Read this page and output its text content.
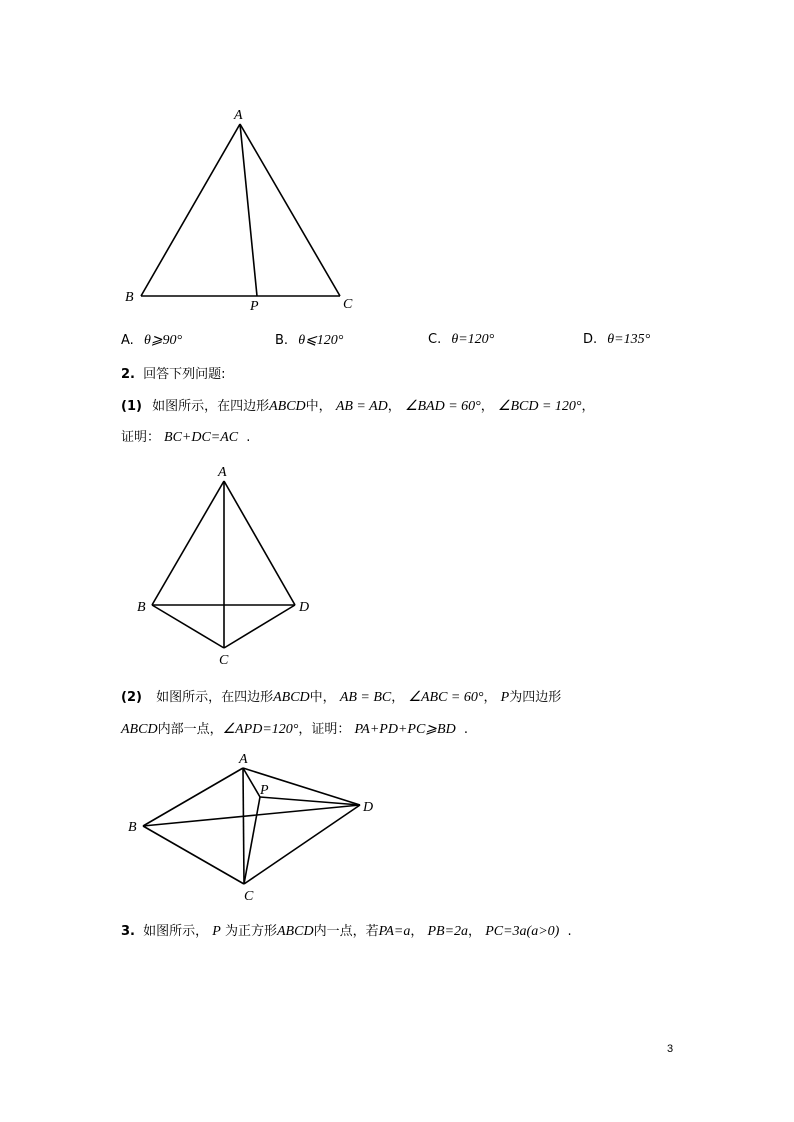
A
B
P	C
A
B	D
C
A
P
D
B
C
A. θ⩾90°	B. θ⩽120°	C. θ=120°	D. θ=135°
2. 回答下列问题:
(1) 如图所示，在四边形ABCD中， AB = AD， ∠BAD = 60°， ∠BCD = 120°，
证明： BC+DC=AC .
(2) 如图所示，在四边形ABCD中， AB = BC， ∠ABC = 60°， P为四边形
ABCD内部一点，∠APD=120°，证明： PA+PD+PC⩾BD .
3. 如图所示， P 为正方形ABCD内一点，若PA=a， PB=2a， PC=3a(a>0) .
3
